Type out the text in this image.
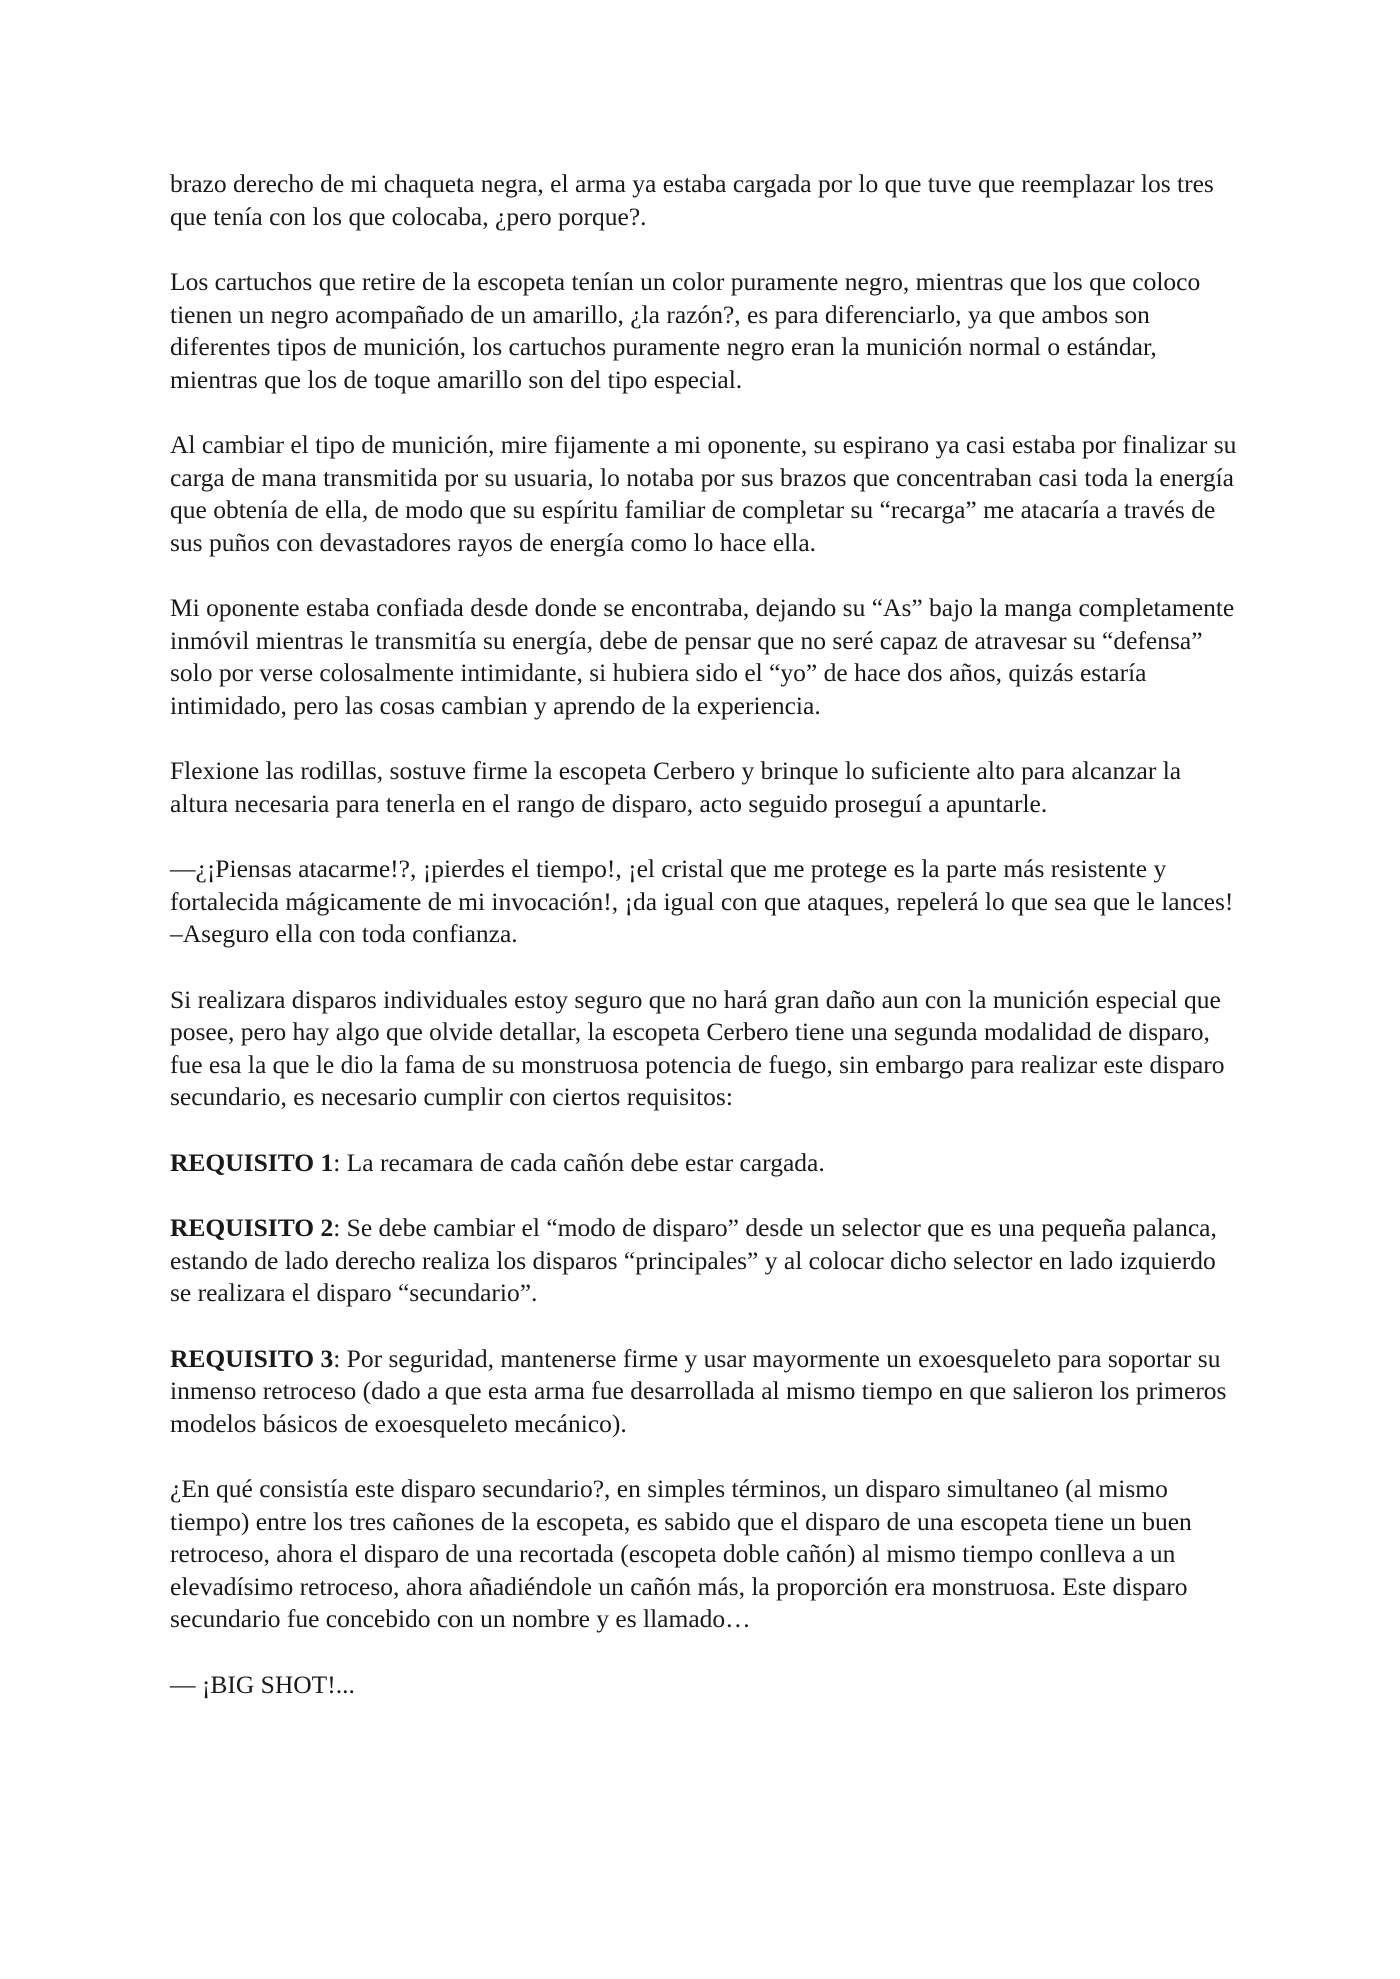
brazo derecho de mi chaqueta negra, el arma ya estaba cargada por lo que tuve que reemplazar los tres que tenía con los que colocaba, ¿pero porque?.

Los cartuchos que retire de la escopeta tenían un color puramente negro, mientras que los que coloco tienen un negro acompañado de un amarillo, ¿la razón?, es para diferenciarlo, ya que ambos son diferentes tipos de munición, los cartuchos puramente negro eran la munición normal o estándar, mientras que los de toque amarillo son del tipo especial.

Al cambiar el tipo de munición, mire fijamente a mi oponente, su espirano ya casi estaba por finalizar su carga de mana transmitida por su usuaria, lo notaba por sus brazos que concentraban casi toda la energía que obtenía de ella, de modo que su espíritu familiar de completar su “recarga” me atacaría a través de sus puños con devastadores rayos de energía como lo hace ella.

Mi oponente estaba confiada desde donde se encontraba, dejando su “As” bajo la manga completamente inmóvil mientras le transmitía su energía, debe de pensar que no seré capaz de atravesar su “defensa” solo por verse colosalmente intimidante, si hubiera sido el “yo” de hace dos años, quizás estaría intimidado, pero las cosas cambian y aprendo de la experiencia.

Flexione las rodillas, sostuve firme la escopeta Cerbero y brinque lo suficiente alto para alcanzar la altura necesaria para tenerla en el rango de disparo, acto seguido proseguí a apuntarle.

—¿¡Piensas atacarme!?, ¡pierdes el tiempo!, ¡el cristal que me protege es la parte más resistente y fortalecida mágicamente de mi invocación!, ¡da igual con que ataques, repelerá lo que sea que le lances! –Aseguro ella con toda confianza.

Si realizara disparos individuales estoy seguro que no hará gran daño aun con la munición especial que posee, pero hay algo que olvide detallar, la escopeta Cerbero tiene una segunda modalidad de disparo, fue esa la que le dio la fama de su monstruosa potencia de fuego, sin embargo para realizar este disparo secundario, es necesario cumplir con ciertos requisitos:

REQUISITO 1: La recamara de cada cañón debe estar cargada.

REQUISITO 2: Se debe cambiar el “modo de disparo” desde un selector que es una pequeña palanca, estando de lado derecho realiza los disparos “principales” y al colocar dicho selector en lado izquierdo se realizara el disparo “secundario”.

REQUISITO 3: Por seguridad, mantenerse firme y usar mayormente un exoesqueleto para soportar su inmenso retroceso (dado a que esta arma fue desarrollada al mismo tiempo en que salieron los primeros modelos básicos de exoesqueleto mecánico).

¿En qué consistía este disparo secundario?, en simples términos, un disparo simultaneo (al mismo tiempo) entre los tres cañones de la escopeta, es sabido que el disparo de una escopeta tiene un buen retroceso, ahora el disparo de una recortada (escopeta doble cañón) al mismo tiempo conlleva a un elevadísimo retroceso, ahora añadiéndole un cañón más, la proporción era monstruosa. Este disparo secundario fue concebido con un nombre y es llamado…

— ¡BIG SHOT!...
